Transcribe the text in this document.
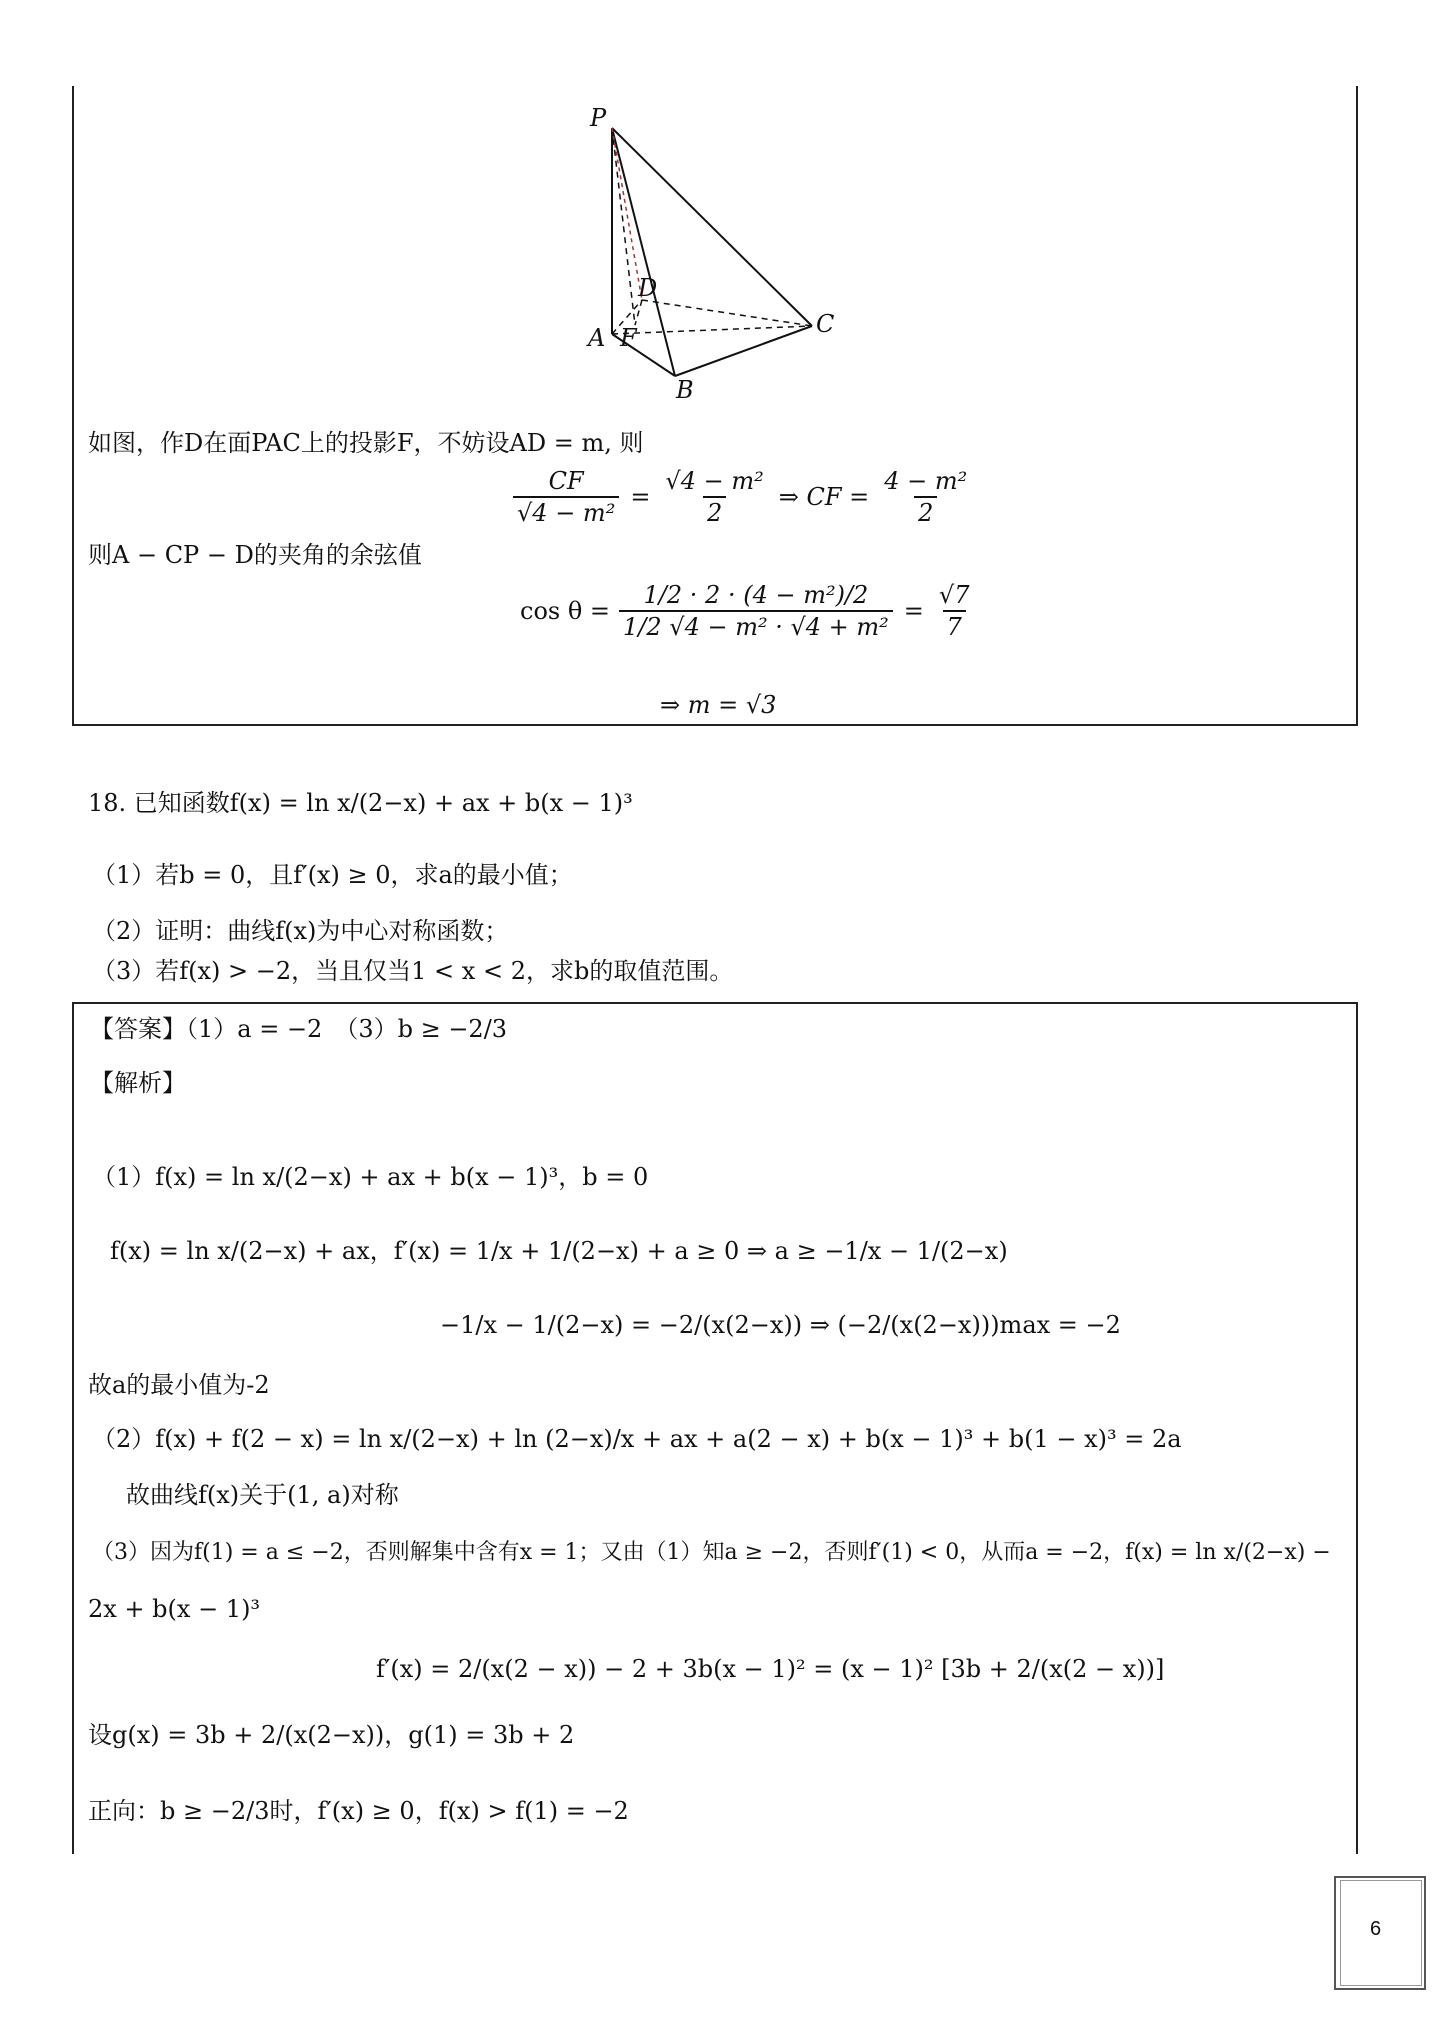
P
D
A F	C
B
如图，作D在面PAC上的投影F，不妨设AD = m, 则
$\frac{CF}{\text{√4 − m²}} = \frac{\text{√4 − m²}}{2}$ ⇒ CF = $\frac{\text{4 − m²}}{2}$
则A − CP − D的夹角的余弦值
$\cos \theta = \frac{\text{1/2 · 2 · (4 − m²)/2}}{\text{1/2 √4 − m² · √4 + m²}} = \frac{√7}{7}$
⇒ m = √3
18. 已知函数f(x) = ln x/(2−x) + ax + b(x − 1)³
（1）若b = 0，且f′(x) ≥ 0，求a的最小值；
（2）证明：曲线f(x)为中心对称函数；
（3）若f(x) > −2，当且仅当1 < x < 2，求b的取值范围。
【答案】（1）a = −2　（3）b ≥ −2/3
【解析】
（1）f(x) = ln x/(2−x) + ax + b(x − 1)³，b = 0
f(x) = ln x/(2−x) + ax，f′(x) = 1/x + 1/(2−x) + a ≥ 0 ⇒ a ≥ −1/x − 1/(2−x)
−1/x − 1/(2−x) = −2/(x(2−x)) ⇒ (−2/(x(2−x)))max = −2
故a的最小值为-2
（2）f(x) + f(2 − x) = ln x/(2−x) + ln (2−x)/x + ax + a(2 − x) + b(x − 1)³ + b(1 − x)³ = 2a
故曲线f(x)关于(1, a)对称
（3）因为f(1) = a ≤ −2，否则解集中含有x = 1；又由（1）知a ≥ −2，否则f′(1) < 0，从而a = −2，f(x) = ln x/(2−x) −
2x + b(x − 1)³
f′(x) = 2/(x(2 − x)) − 2 + 3b(x − 1)² = (x − 1)² [3b + 2/(x(2 − x))]
设g(x) = 3b + 2/(x(2−x))，g(1) = 3b + 2
正向：b ≥ −2/3时，f′(x) ≥ 0，f(x) > f(1) = −2
6
